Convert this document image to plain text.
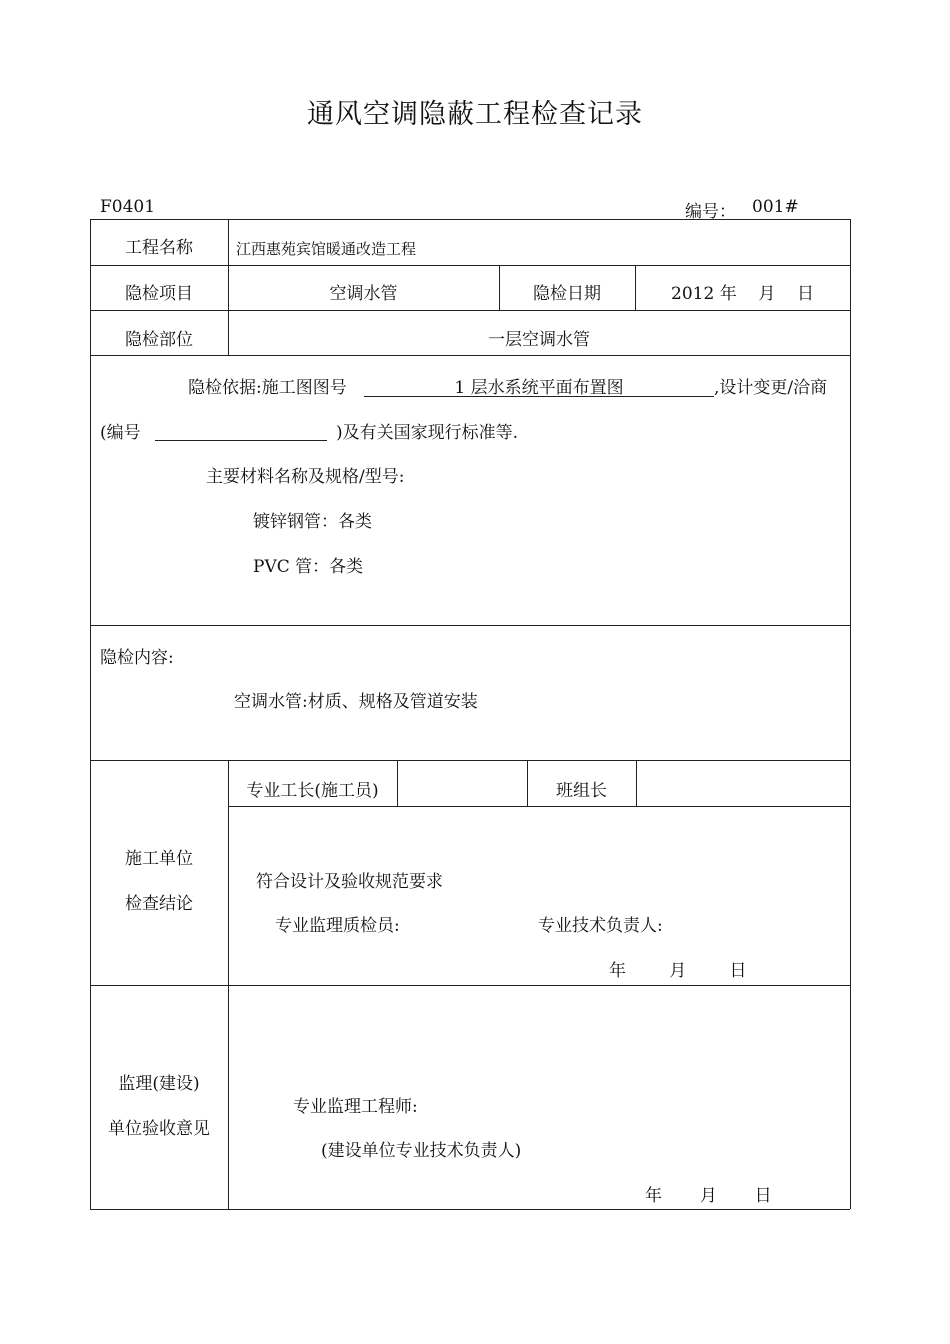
通风空调隐蔽工程检查记录
F0401	编号： 001#
工程名称	江西惠苑宾馆暖通改造工程
隐检项目	空调水管	隐检日期	2012 年    月    日
隐检部位	一层空调水管
隐检依据:施工图图号	1 层水系统平面布置图	,设计变更/洽商
(编号	)及有关国家现行标准等.
主要材料名称及规格/型号:
镀锌钢管：各类
PVC 管：各类
隐检内容:
空调水管:材质、规格及管道安装
施工单位
检查结论
专业工长(施工员)	班组长
符合设计及验收规范要求
专业监理质检员:	专业技术负责人:
年        月        日
监理(建设)
单位验收意见
专业监理工程师:
(建设单位专业技术负责人)
年       月       日
